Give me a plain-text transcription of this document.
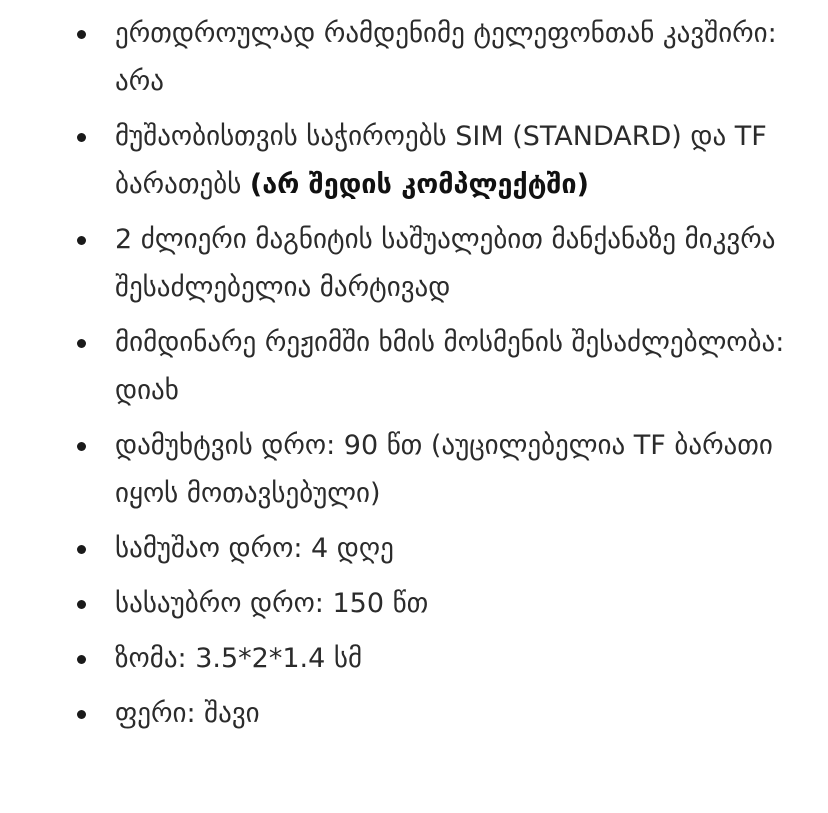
ერთდროულად რამდენიმე ტელეფონთან კავშირი: არა
მუშაობისთვის საჭიროებს SIM (STANDARD) და TF ბარათებს (არ შედის კომპლექტში)
2 ძლიერი მაგნიტის საშუალებით მანქანაზე მიკვრა შესაძლებელია მარტივად
მიმდინარე რეჟიმში ხმის მოსმენის შესაძლებლობა: დიახ
დამუხტვის დრო: 90 წთ (აუცილებელია TF ბარათი იყოს მოთავსებული)
სამუშაო დრო: 4 დღე
სასაუბრო დრო: 150 წთ
ზომა: 3.5*2*1.4 სმ
ფერი: შავი
